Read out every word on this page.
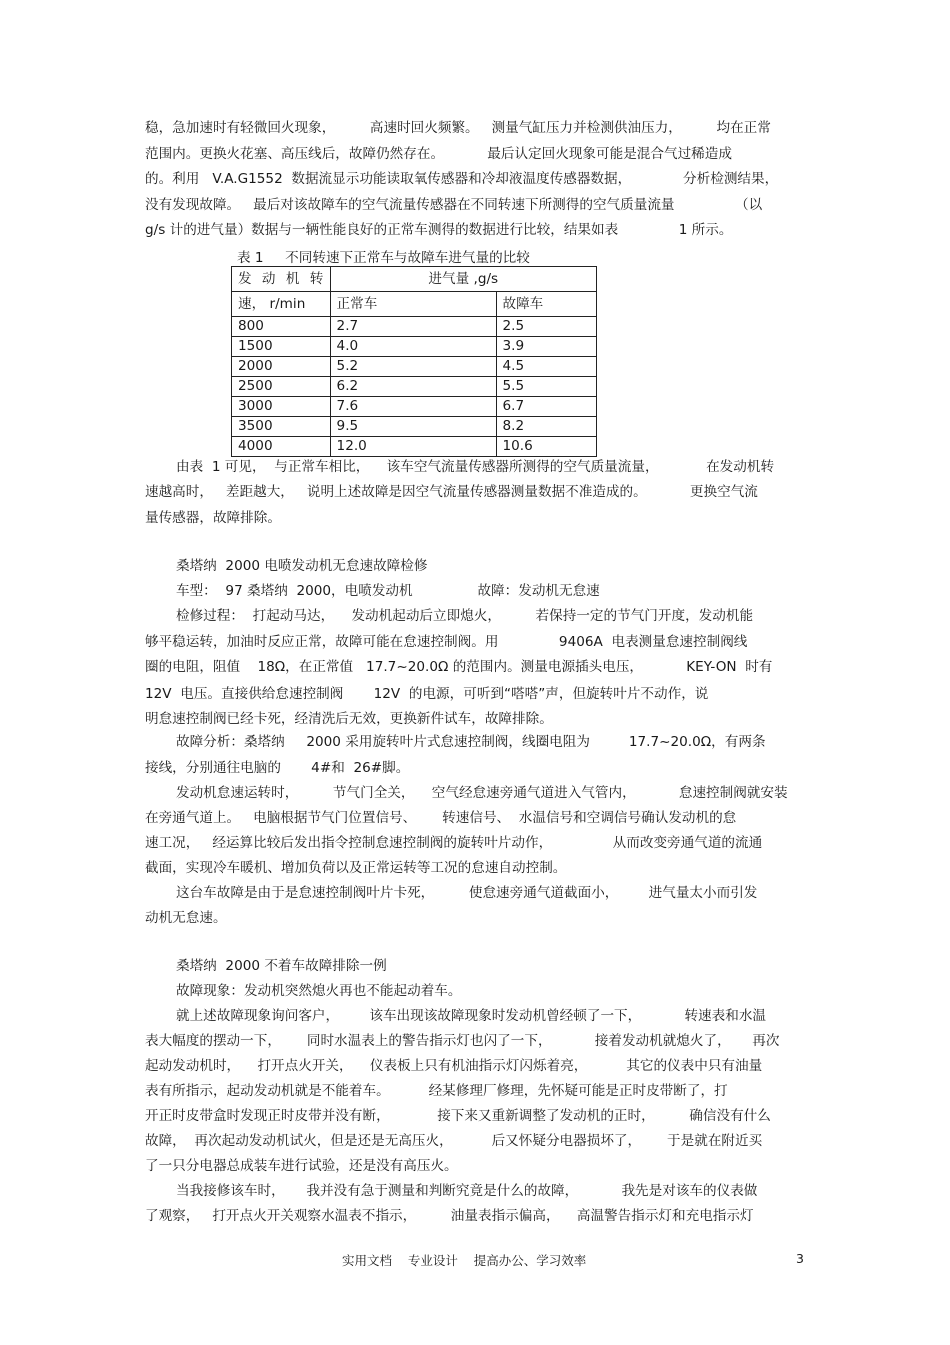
稳，急加速时有轻微回火现象，        高速时回火频繁。   测量气缸压力并检测供油压力，        均在正常
范围内。更换火花塞、高压线后，故障仍然存在。          最后认定回火现象可能是混合气过稀造成
的。利用   V.A.G1552  数据流显示功能读取氧传感器和冷却液温度传感器数据，            分析检测结果，
没有发现故障。   最后对该故障车的空气流量传感器在不同转速下所测得的空气质量流量              （以
g/s 计的进气量）数据与一辆性能良好的正常车测得的数据进行比较，结果如表              1 所示。
表 1     不同转速下正常车与故障车进气量的比较
发 动 机 转	进气量 ,g/s	
速， r/min	正常车	故障车
800	2.7	2.5
1500	4.0	3.9
2000	5.2	4.5
2500	6.2	5.5
3000	7.6	6.7
3500	9.5	8.2
4000	12.0	10.6
由表  1 可见，  与正常车相比，    该车空气流量传感器所测得的空气质量流量，           在发动机转
速越高时，   差距越大，   说明上述故障是因空气流量传感器测量数据不准造成的。          更换空气流
量传感器，故障排除。
桑塔纳  2000 电喷发动机无怠速故障检修
车型：  97 桑塔纳  2000，电喷发动机               故障：发动机无怠速
检修过程：  打起动马达，    发动机起动后立即熄火，        若保持一定的节气门开度，发动机能
够平稳运转，加油时反应正常，故障可能在怠速控制阀。用              9406A  电表测量怠速控制阀线
圈的电阻，阻值    18Ω，在正常值   17.7~20.0Ω 的范围内。测量电源插头电压，          KEY-ON  时有
12V  电压。直接供给怠速控制阀       12V  的电源，可听到“嗒嗒”声，但旋转叶片不动作，说
明怠速控制阀已经卡死，经清洗后无效，更换新件试车，故障排除。
故障分析：桑塔纳     2000 采用旋转叶片式怠速控制阀，线圈电阻为         17.7~20.0Ω，有两条
接线，分别通往电脑的       4#和  26#脚。
发动机怠速运转时，        节气门全关，    空气经怠速旁通气道进入气管内，          怠速控制阀就安装
在旁通气道上。   电脑根据节气门位置信号、      转速信号、  水温信号和空调信号确认发动机的怠
速工况，   经运算比较后发出指令控制怠速控制阀的旋转叶片动作，              从而改变旁通气道的流通
截面，实现冷车暖机、增加负荷以及正常运转等工况的怠速自动控制。
这台车故障是由于是怠速控制阀叶片卡死，        使怠速旁通气道截面小，       进气量太小而引发
动机无怠速。
桑塔纳  2000 不着车故障排除一例
故障现象：发动机突然熄火再也不能起动着车。
就上述故障现象询问客户，       该车出现该故障现象时发动机曾经顿了一下，          转速表和水温
表大幅度的摆动一下，      同时水温表上的警告指示灯也闪了一下，          接着发动机就熄火了，     再次
起动发动机时，    打开点火开关，    仪表板上只有机油指示灯闪烁着亮，         其它的仪表中只有油量
表有所指示，起动发动机就是不能着车。         经某修理厂修理，先怀疑可能是正时皮带断了，打
开正时皮带盒时发现正时皮带并没有断，           接下来又重新调整了发动机的正时，        确信没有什么
故障，  再次起动发动机试火，但是还是无高压火，         后又怀疑分电器损坏了，      于是就在附近买
了一只分电器总成装车进行试验，还是没有高压火。
当我接修该车时，     我并没有急于测量和判断究竟是什么的故障，          我先是对该车的仪表做
了观察，   打开点火开关观察水温表不指示，        油量表指示偏高，    高温警告指示灯和充电指示灯
实用文档    专业设计    提高办公、学习效率	3
